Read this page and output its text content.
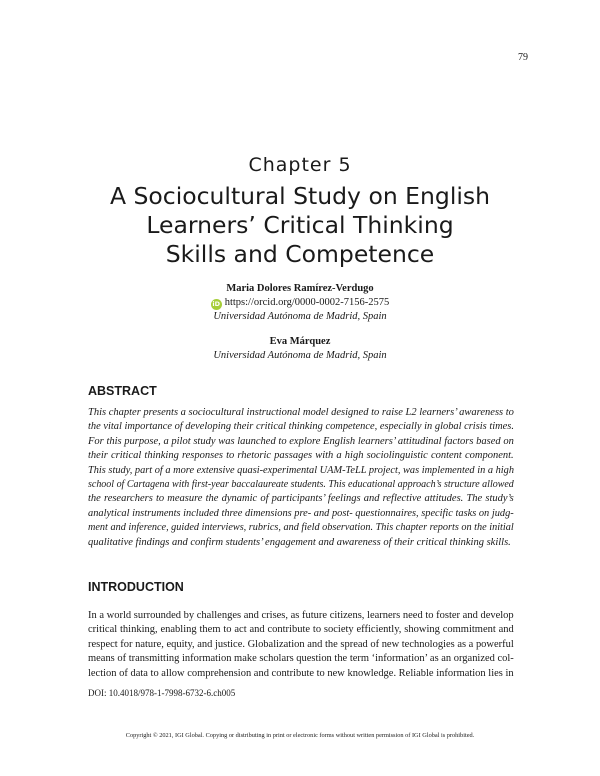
79
Chapter 5
A Sociocultural Study on English
Learners’ Critical Thinking
Skills and Competence
Maria Dolores Ramírez-Verdugo
iD https://orcid.org/0000-0002-7156-2575
Universidad Autónoma de Madrid, Spain
Eva Márquez
Universidad Autónoma de Madrid, Spain
ABSTRACT
This chapter presents a sociocultural instructional model designed to raise L2 learners’ awareness to
the vital importance of developing their critical thinking competence, especially in global crisis times.
For this purpose, a pilot study was launched to explore English learners’ attitudinal factors based on
their critical thinking responses to rhetoric passages with a high sociolinguistic content component.
This study, part of a more extensive quasi-experimental UAM-TeLL project, was implemented in a high
school of Cartagena with first-year baccalaureate students. This educational approach’s structure allowed
the researchers to measure the dynamic of participants’ feelings and reflective attitudes. The study’s
analytical instruments included three dimensions pre- and post- questionnaires, specific tasks on judg-
ment and inference, guided interviews, rubrics, and field observation. This chapter reports on the initial
qualitative findings and confirm students’ engagement and awareness of their critical thinking skills.
INTRODUCTION
In a world surrounded by challenges and crises, as future citizens, learners need to foster and develop
critical thinking, enabling them to act and contribute to society efficiently, showing commitment and
respect for nature, equity, and justice. Globalization and the spread of new technologies as a powerful
means of transmitting information make scholars question the term ‘information’ as an organized col-
lection of data to allow comprehension and contribute to new knowledge. Reliable information lies in
DOI: 10.4018/978-1-7998-6732-6.ch005
Copyright © 2021, IGI Global. Copying or distributing in print or electronic forms without written permission of IGI Global is prohibited.
